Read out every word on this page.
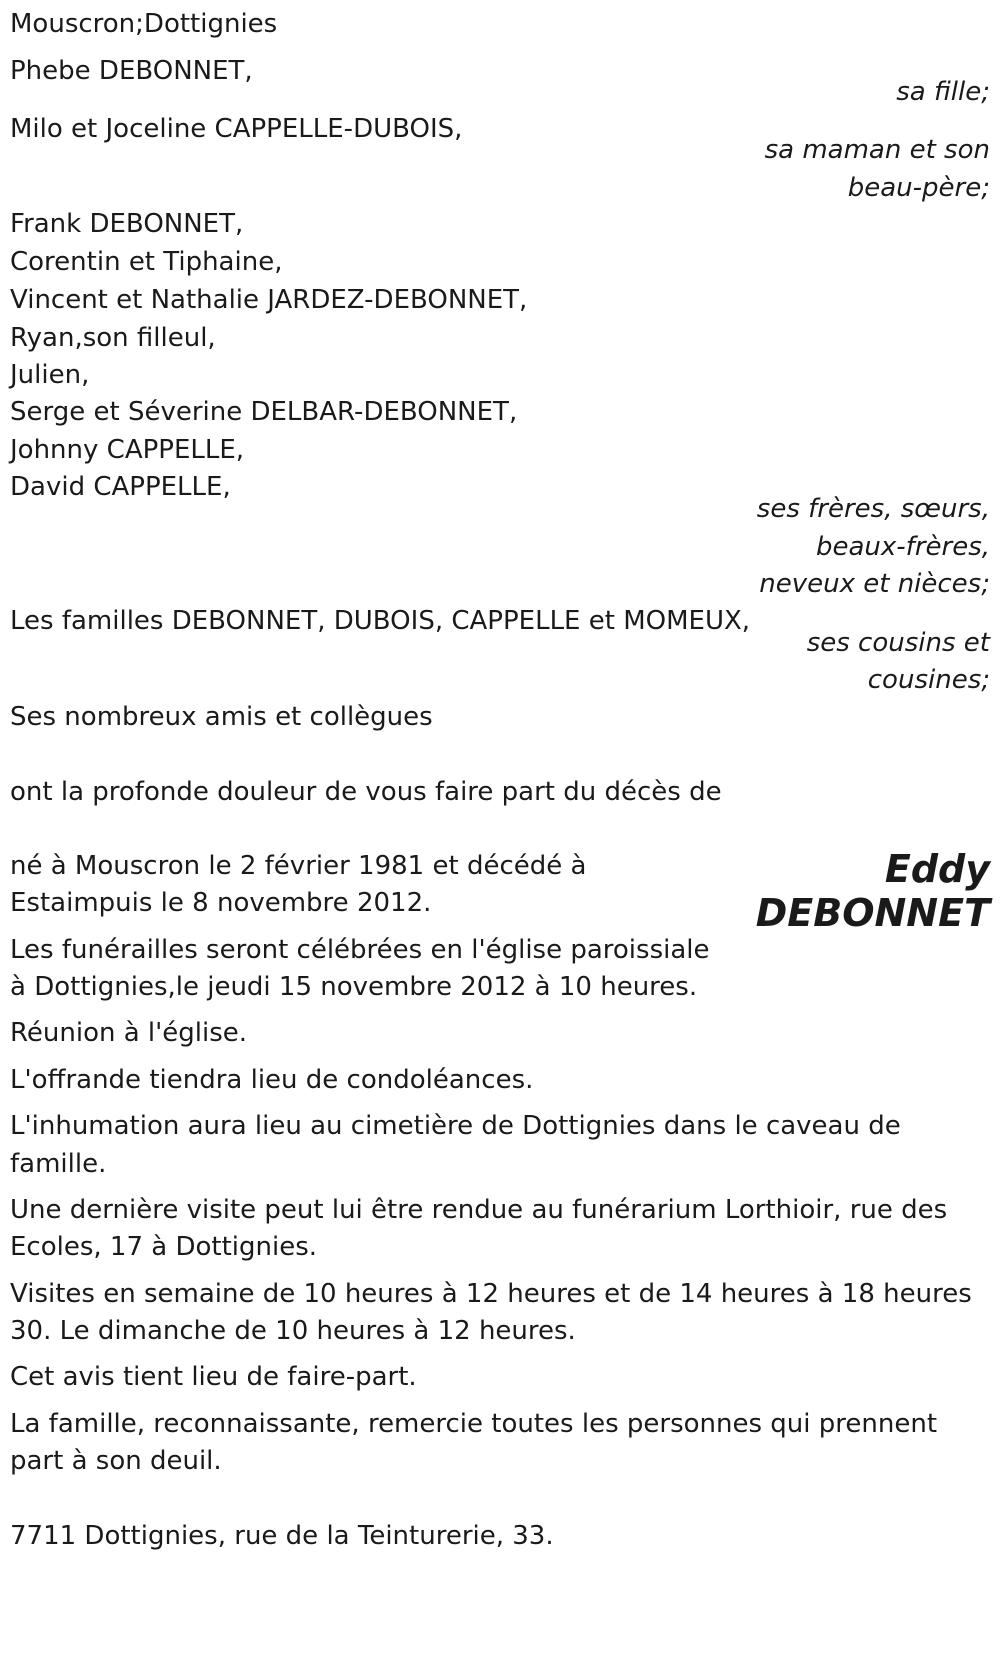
Mouscron;Dottignies
Phebe DEBONNET,
sa fille;
Milo et Joceline CAPPELLE-DUBOIS,
sa maman et son
beau-père;
Frank DEBONNET,
Corentin et Tiphaine,
Vincent et Nathalie JARDEZ-DEBONNET,
Ryan,son filleul,
Julien,
Serge et Séverine DELBAR-DEBONNET,
Johnny CAPPELLE,
David CAPPELLE,
ses frères, sœurs,
beaux-frères,
neveux et nièces;
Les familles DEBONNET, DUBOIS, CAPPELLE et MOMEUX,
ses cousins et
cousines;
Ses nombreux amis et collègues
ont la profonde douleur de vous faire part du décès de
Eddy
DEBONNET
né à Mouscron le 2 février 1981 et décédé à
Estaimpuis le 8 novembre 2012.
Les funérailles seront célébrées en l'église paroissiale
à Dottignies,le jeudi 15 novembre 2012 à 10 heures.
Réunion à l'église.
L'offrande tiendra lieu de condoléances.
L'inhumation aura lieu au cimetière de Dottignies dans le caveau de
famille.
Une dernière visite peut lui être rendue au funérarium Lorthioir, rue des
Ecoles, 17 à Dottignies.
Visites en semaine de 10 heures à 12 heures et de 14 heures à 18 heures
30. Le dimanche de 10 heures à 12 heures.
Cet avis tient lieu de faire-part.
La famille, reconnaissante, remercie toutes les personnes qui prennent
part à son deuil.
7711 Dottignies, rue de la Teinturerie, 33.
